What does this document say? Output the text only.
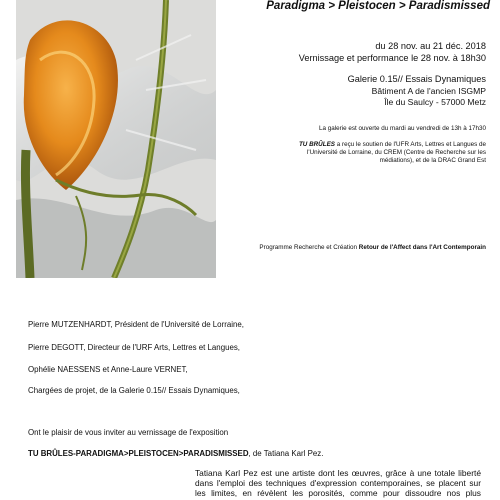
Paradigma > Pleistocen > Paradismissed
du 28 nov. au 21 déc. 2018
Vernissage et performance le 28 nov. à 18h30
Galerie 0.15// Essais Dynamiques
Bâtiment A de l'ancien ISGMP
Île du Saulcy - 57000 Metz
La galerie est ouverte du mardi au vendredi de 13h à 17h30
TU BRÛLES a reçu le soutien de l'UFR Arts, Lettres et Langues de
l'Université de Lorraine, du CREM (Centre de Recherche sur les
médiations), et de la DRAC Grand Est
Programme Recherche et Création Retour de l'Affect dans l'Art Contemporain
Pierre MUTZENHARDT, Président de l'Université de Lorraine,
Pierre DEGOTT, Directeur de l'URF Arts, Lettres et Langues,
Ophélie NAESSENS et Anne-Laure VERNET,
Chargées de projet, de la Galerie 0.15// Essais Dynamiques,
Ont le plaisir de vous inviter au vernissage de l'exposition
TU BRÛLES-PARADIGMA>PLEISTOCEN>PARADISMISSED, de Tatiana Karl Pez.
Tatiana Karl Pez est une artiste dont les œuvres, grâce à une totale liberté
dans l'emploi des techniques d'expression contemporaines, se placent sur
les limites, en révèlent les porosités, comme pour dissoudre nos plus
